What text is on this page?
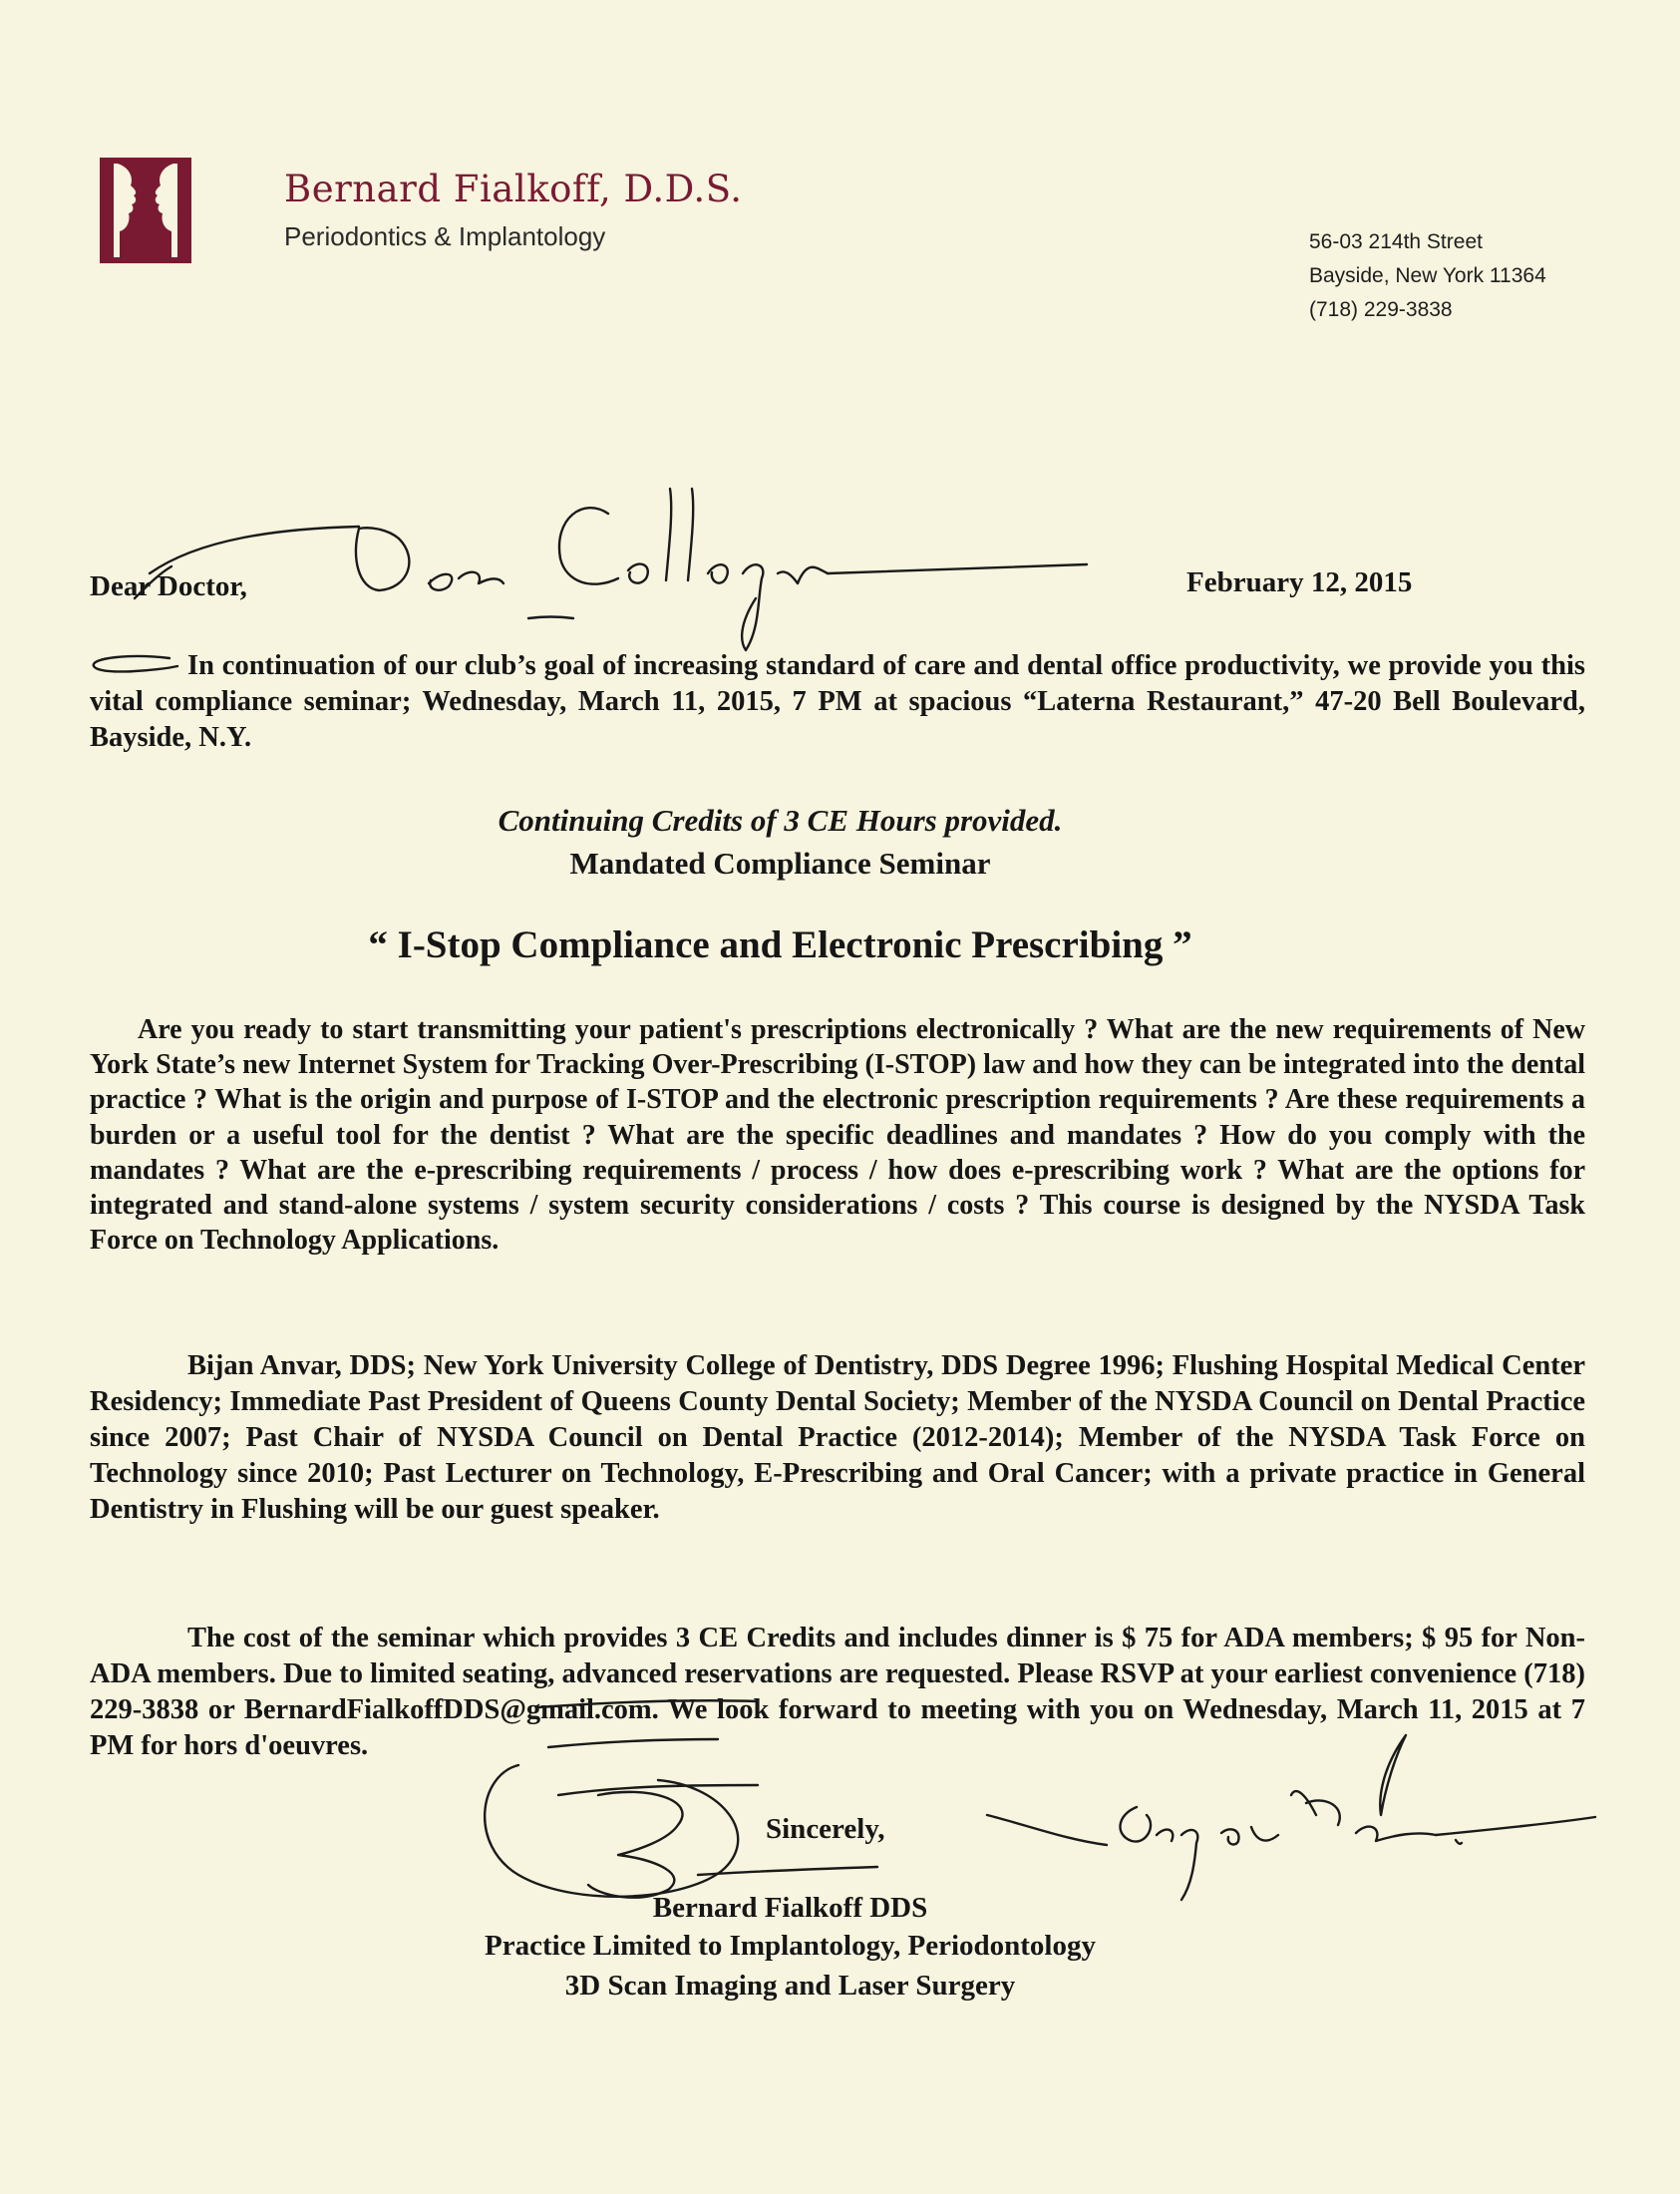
Bernard Fialkoff, D.D.S.
Periodontics & Implantology	56-03 214th Street
Bayside, New York 11364
(718) 229-3838
Dear Doctor,	February 12, 2015

In continuation of our club’s goal of increasing standard of care and dental office productivity, we provide you this vital compliance seminar; Wednesday, March 11, 2015, 7 PM at spacious “Laterna Restaurant,” 47-20 Bell Boulevard, Bayside, N.Y.

Continuing Credits of 3 CE Hours provided.
Mandated Compliance Seminar
“ I-Stop Compliance and Electronic Prescribing ”

Are you ready to start transmitting your patient's prescriptions electronically ? What are the new requirements of New York State’s new Internet System for Tracking Over-Prescribing (I-STOP) law and how they can be integrated into the dental practice ? What is the origin and purpose of I-STOP and the electronic prescription requirements ? Are these requirements a burden or a useful tool for the dentist ? What are the specific deadlines and mandates ? How do you comply with the mandates ? What are the e-prescribing requirements / process / how does e-prescribing work ? What are the options for integrated and stand-alone systems / system security considerations / costs ? This course is designed by the NYSDA Task Force on Technology Applications.

Bijan Anvar, DDS; New York University College of Dentistry, DDS Degree 1996; Flushing Hospital Medical Center Residency; Immediate Past President of Queens County Dental Society; Member of the NYSDA Council on Dental Practice since 2007; Past Chair of NYSDA Council on Dental Practice (2012-2014); Member of the NYSDA Task Force on Technology since 2010; Past Lecturer on Technology, E-Prescribing and Oral Cancer; with a private practice in General Dentistry in Flushing will be our guest speaker.

The cost of the seminar which provides 3 CE Credits and includes dinner is $ 75 for ADA members; $ 95 for Non-ADA members. Due to limited seating, advanced reservations are requested. Please RSVP at your earliest convenience (718) 229-3838 or BernardFialkoffDDS@gmail.com. We look forward to meeting with you on Wednesday, March 11, 2015 at 7 PM for hors d'oeuvres.

Sincerely,
Bernard Fialkoff DDS
Practice Limited to Implantology, Periodontology
3D Scan Imaging and Laser Surgery
